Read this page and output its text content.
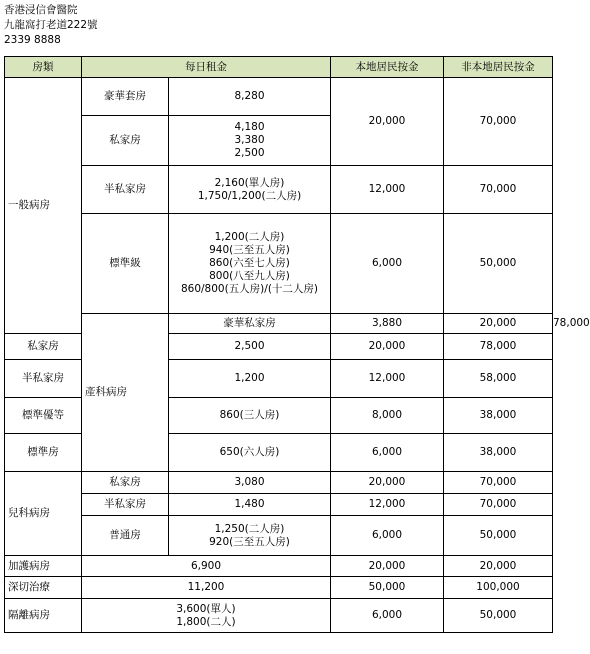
香港浸信會醫院
九龍窩打老道222號
2339 8888
房類	每日租金		本地居民按金	非本地居民按金	
一般病房	豪華套房	8,280	20,000	70,000	
	私家房	4,180
3,380
2,500			

	半私家房	2,160(單人房)
1,750/1,200(二人房)	12,000	70,000	
	標準級	1,200(二人房)
940(三至五人房)
860(六至七人房)
800(八至九人房)
860/800(五人房)/(十二人房)	6,000	50,000	
	產科病房	豪華私家房	3,880	20,000	78,000
私家房		2,500	20,000	78,000	
半私家房		1,200	12,000	58,000	
標準優等		860(三人房)	8,000	38,000	
標準房		650(六人房)	6,000	38,000	
兒科病房	私家房	3,080	20,000	70,000	
	半私家房	1,480	12,000	70,000	
	普通房	1,250(二人房)
920(三至五人房)	6,000	50,000	
加護病房	6,900		20,000	20,000	
深切治療	11,200		50,000	100,000	
隔離病房	3,600(單人)
1,800(二人)		6,000	50,000	
